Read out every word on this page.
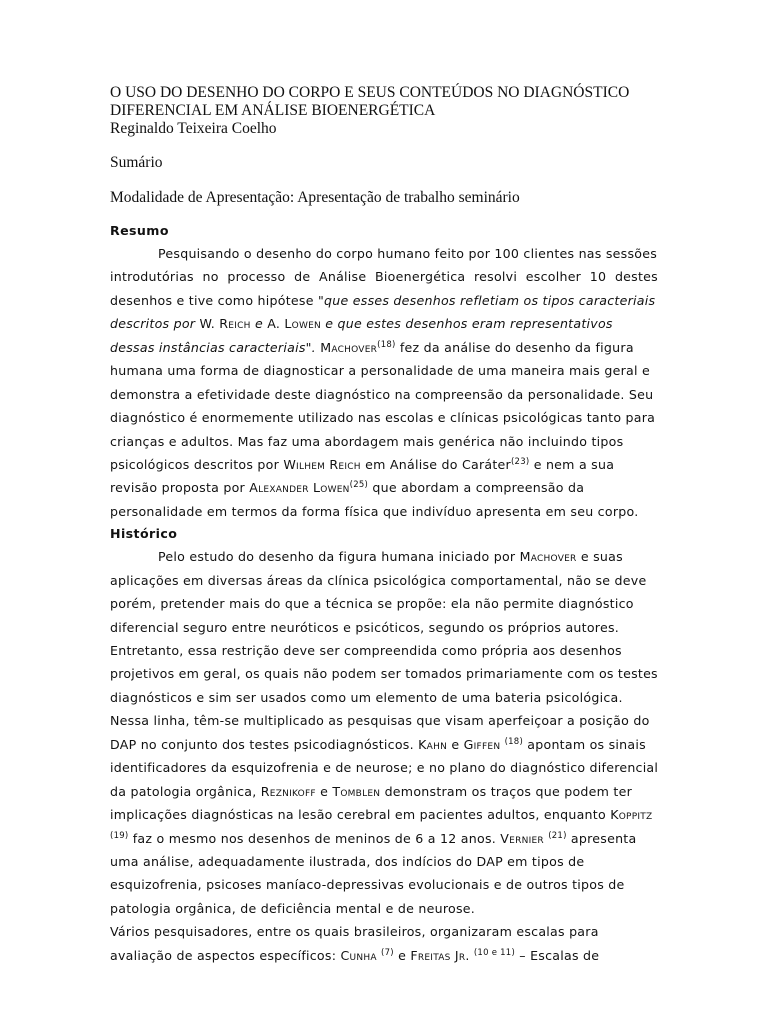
O USO DO DESENHO DO CORPO E SEUS CONTEÚDOS NO DIAGNÓSTICO
DIFERENCIAL EM ANÁLISE BIOENERGÉTICA
Reginaldo Teixeira Coelho
Sumário
Modalidade de Apresentação: Apresentação de trabalho seminário
Resumo
Pesquisando o desenho do corpo humano feito por 100 clientes nas sessões
introdutórias no processo de Análise Bioenergética resolvi escolher 10 destes
desenhos e tive como hipótese "que esses desenhos refletiam os tipos caracteriais
descritos por W. Reich e A. Lowen e que estes desenhos eram representativos
dessas instâncias caracteriais". Machover$^{(18)}$ fez da análise do desenho da figura
humana uma forma de diagnosticar a personalidade de uma maneira mais geral e
demonstra a efetividade deste diagnóstico na compreensão da personalidade. Seu
diagnóstico é enormemente utilizado nas escolas e clínicas psicológicas tanto para
crianças e adultos. Mas faz uma abordagem mais genérica não incluindo tipos
psicológicos descritos por Wilhem Reich em Análise do Caráter$^{(23)}$ e nem a sua
revisão proposta por Alexander Lowen$^{(25)}$ que abordam a compreensão da
personalidade em termos da forma física que indivíduo apresenta em seu corpo.
Histórico
Pelo estudo do desenho da figura humana iniciado por Machover e suas
aplicações em diversas áreas da clínica psicológica comportamental, não se deve
porém, pretender mais do que a técnica se propõe: ela não permite diagnóstico
diferencial seguro entre neuróticos e psicóticos, segundo os próprios autores.
Entretanto, essa restrição deve ser compreendida como própria aos desenhos
projetivos em geral, os quais não podem ser tomados primariamente com os testes
diagnósticos e sim ser usados como um elemento de uma bateria psicológica.
Nessa linha, têm-se multiplicado as pesquisas que visam aperfeiçoar a posição do
DAP no conjunto dos testes psicodiagnósticos. Kahn e Giffen $^{(18)}$ apontam os sinais
identificadores da esquizofrenia e de neurose; e no plano do diagnóstico diferencial
da patologia orgânica, Reznikoff e Tomblen demonstram os traços que podem ter
implicações diagnósticas na lesão cerebral em pacientes adultos, enquanto Koppitz
$^{(19)}$ faz o mesmo nos desenhos de meninos de 6 a 12 anos. Vernier $^{(21)}$ apresenta
uma análise, adequadamente ilustrada, dos indícios do DAP em tipos de
esquizofrenia, psicoses maníaco-depressivas evolucionais e de outros tipos de
patologia orgânica, de deficiência mental e de neurose.
Vários pesquisadores, entre os quais brasileiros, organizaram escalas para
avaliação de aspectos específicos: Cunha $^{(7)}$ e Freitas Jr. $^{(10 e 11)}$ – Escalas de
